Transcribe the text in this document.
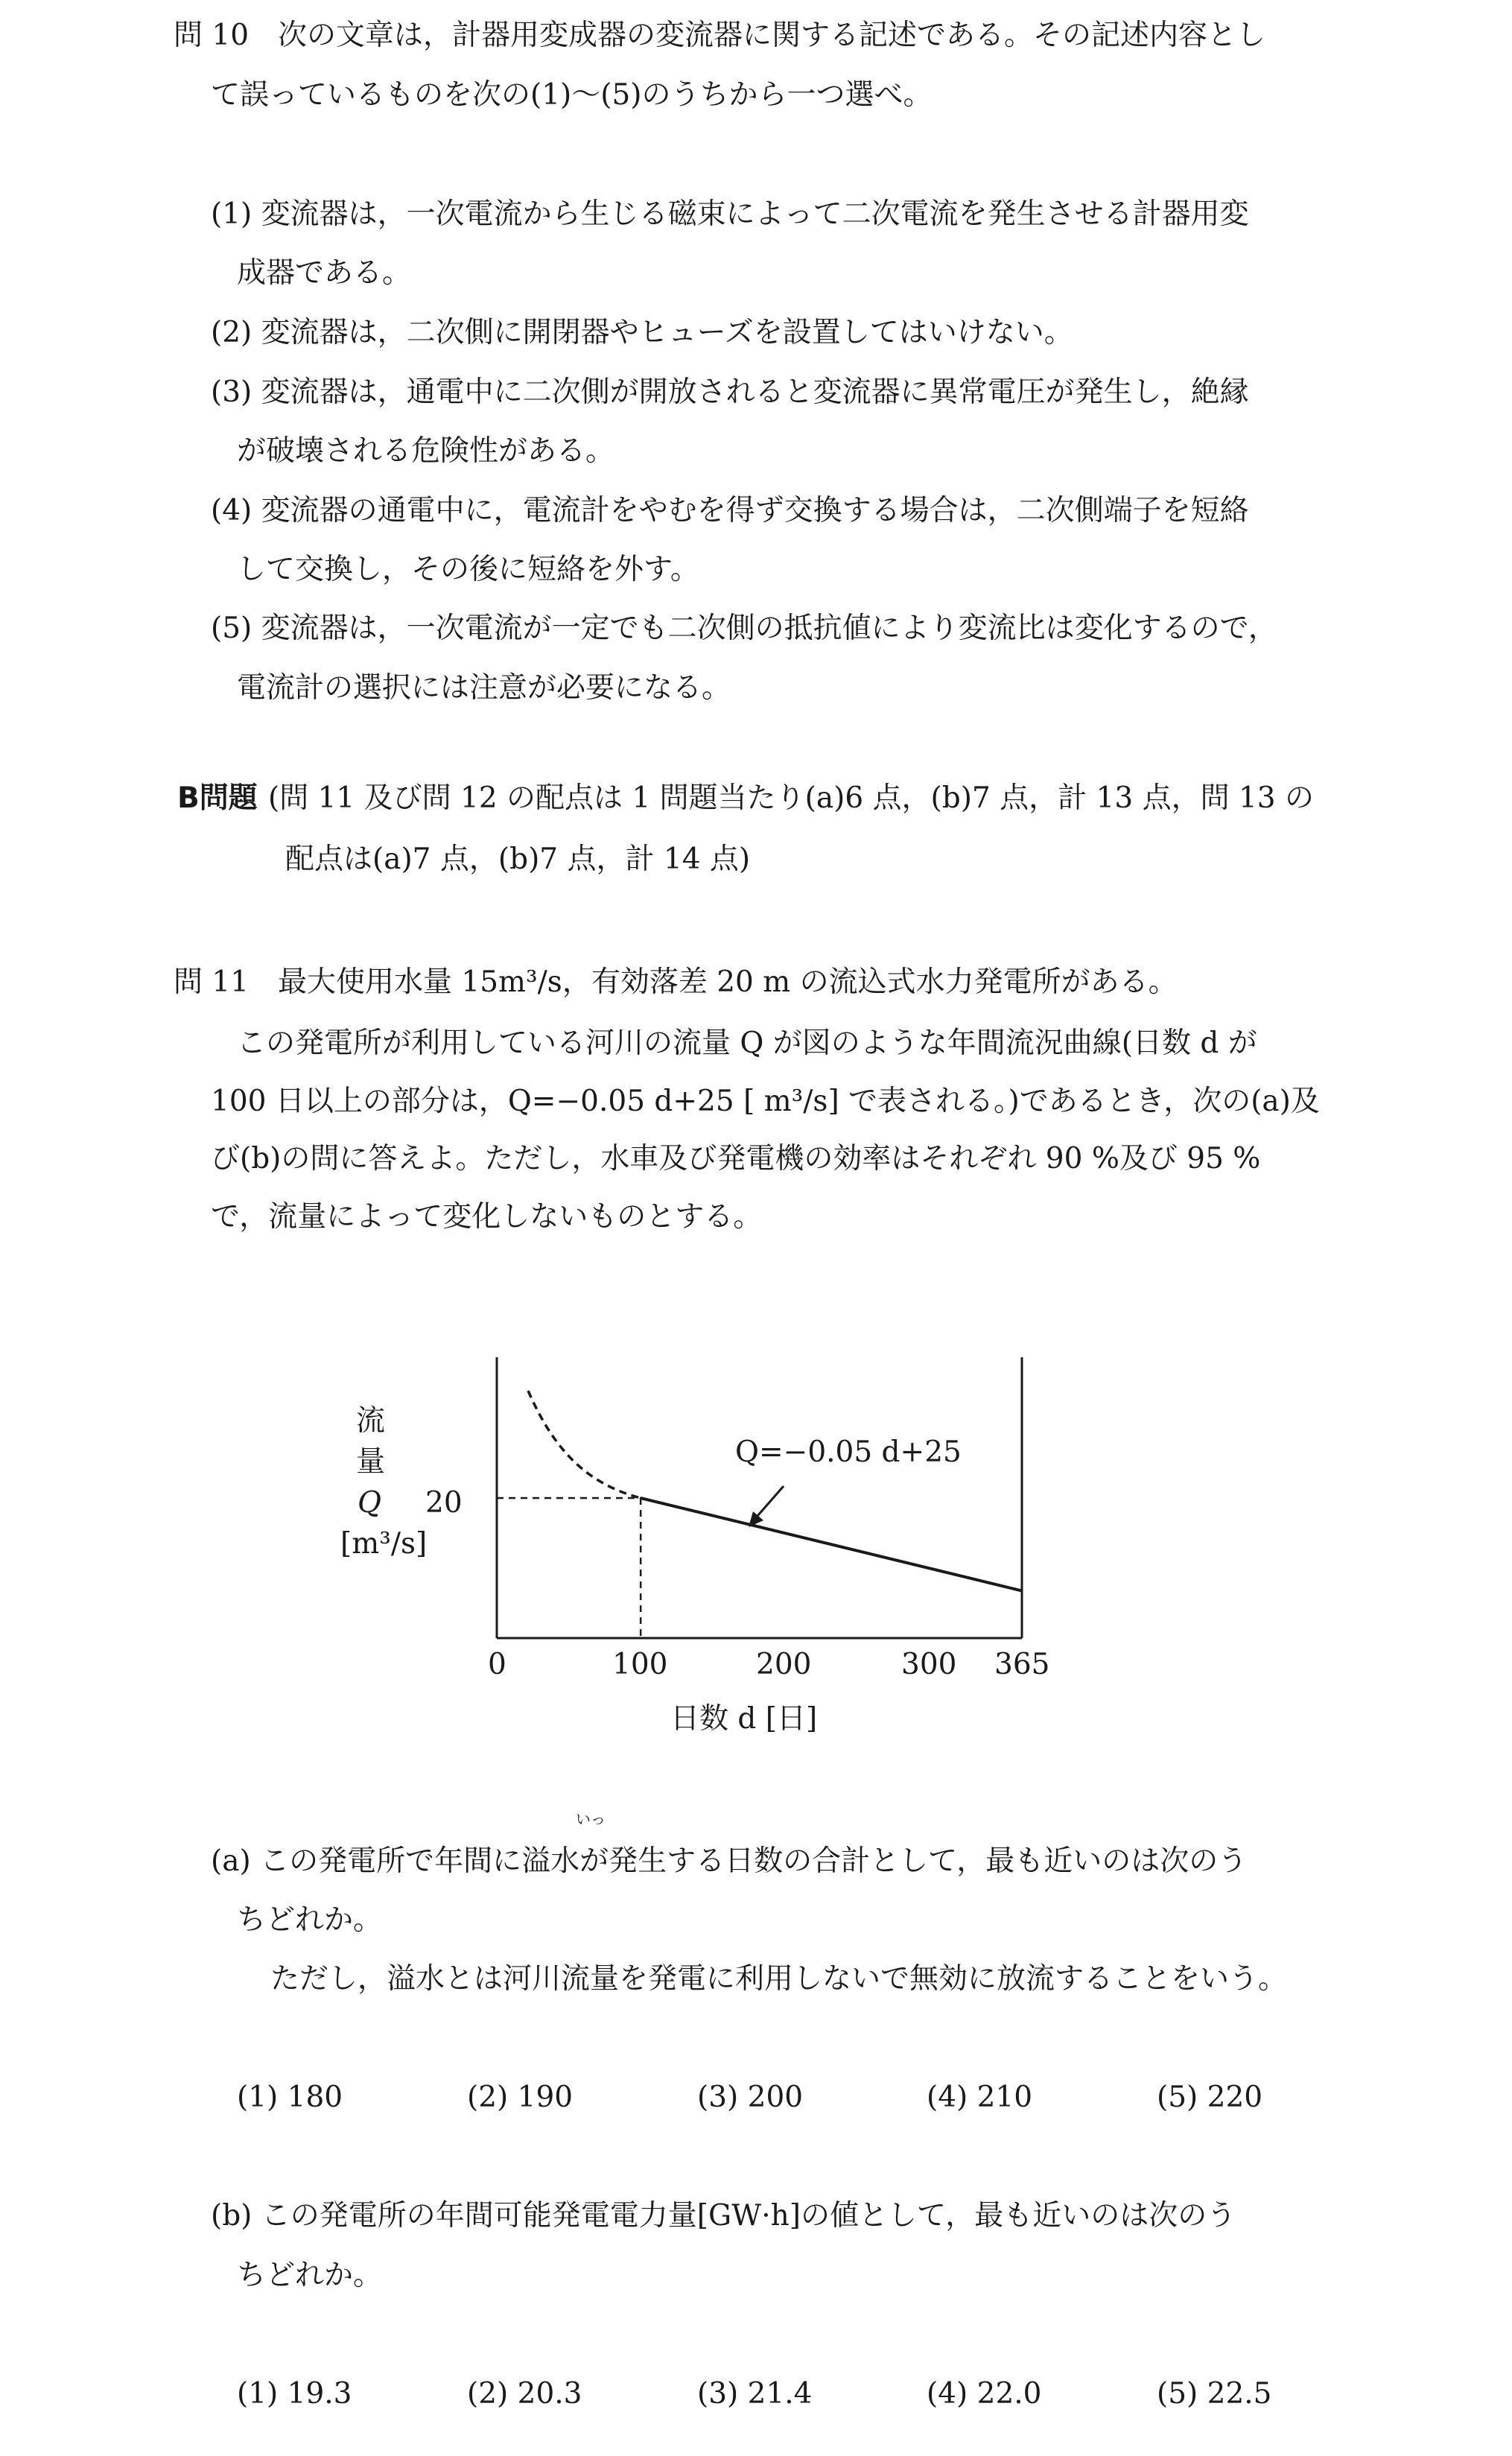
問 10　次の文章は，計器用変成器の変流器に関する記述である。その記述内容とし
て誤っているものを次の(1)〜(5)のうちから一つ選べ。
(1) 変流器は，一次電流から生じる磁束によって二次電流を発生させる計器用変
成器である。
(2) 変流器は，二次側に開閉器やヒューズを設置してはいけない。
(3) 変流器は，通電中に二次側が開放されると変流器に異常電圧が発生し，絶縁
が破壊される危険性がある。
(4) 変流器の通電中に，電流計をやむを得ず交換する場合は，二次側端子を短絡
して交換し，その後に短絡を外す。
(5) 変流器は，一次電流が一定でも二次側の抵抗値により変流比は変化するので，
電流計の選択には注意が必要になる。
B問題 (問 11 及び問 12 の配点は 1 問題当たり(a)6 点，(b)7 点，計 13 点，問 13 の
配点は(a)7 点，(b)7 点，計 14 点)
問 11　最大使用水量 15m³/s，有効落差 20 m の流込式水力発電所がある。
この発電所が利用している河川の流量 Q が図のような年間流況曲線(日数 d が
100 日以上の部分は，Q=−0.05 d+25 [ m³/s] で表される。)であるとき，次の(a)及
び(b)の問に答えよ。ただし，水車及び発電機の効率はそれぞれ 90 %及び 95 %
で，流量によって変化しないものとする。
流
量
Q
[m³/s]
20
0	100	200	300 365
日数 d [日]
Q=−0.05 d+25
いっ
(a) この発電所で年間に溢水が発生する日数の合計として，最も近いのは次のう
ちどれか。
ただし，溢水とは河川流量を発電に利用しないで無効に放流することをいう。
(1) 180	(2) 190	(3) 200	(4) 210	(5) 220
(b) この発電所の年間可能発電電力量[GW·h]の値として，最も近いのは次のう
ちどれか。
(1) 19.3	(2) 20.3	(3) 21.4	(4) 22.0	(5) 22.5
